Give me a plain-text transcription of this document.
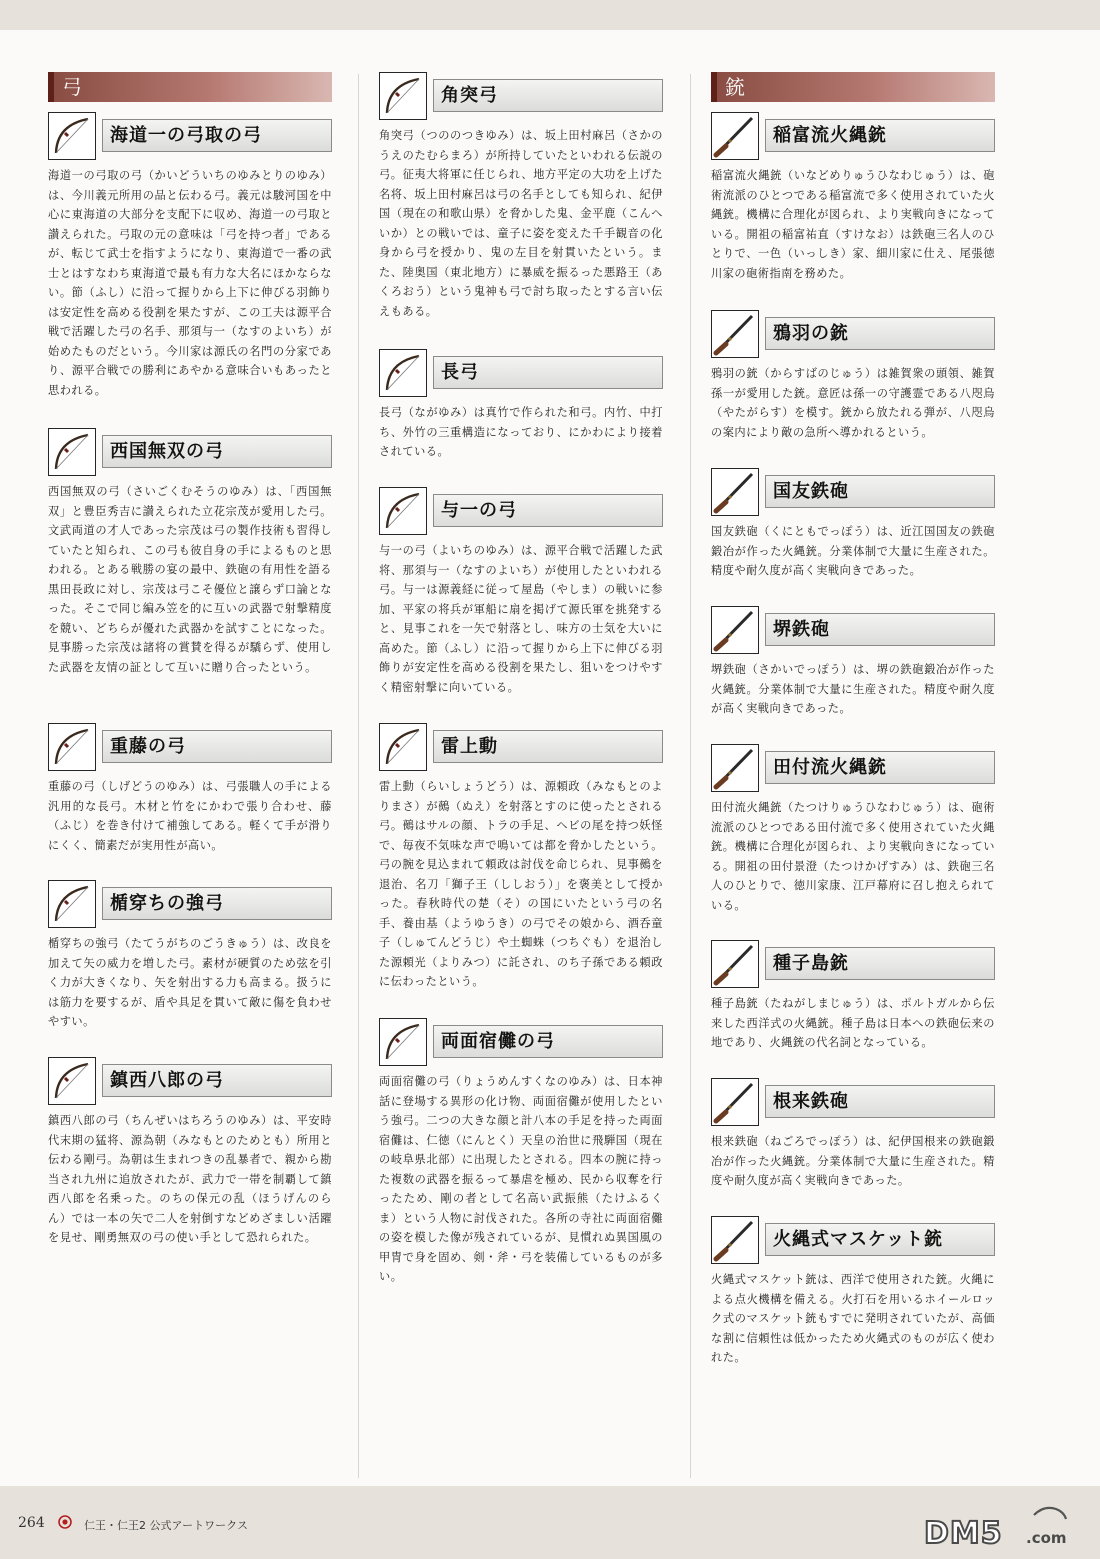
弓
海道一の弓取の弓

海道一の弓取の弓（かいどういちのゆみとりのゆみ）は、今川義元所用の品と伝わる弓。義元は駿河国を中心に東海道の大部分を支配下に収め、海道一の弓取と讃えられた。弓取の元の意味は「弓を持つ者」であるが、転じて武士を指すようになり、東海道で一番の武士とはすなわち東海道で最も有力な大名にほかならない。節（ふし）に沿って握りから上下に伸びる羽飾りは安定性を高める役割を果たすが、この工夫は源平合戦で活躍した弓の名手、那須与一（なすのよいち）が始めたものだという。今川家は源氏の名門の分家であり、源平合戦での勝利にあやかる意味合いもあったと思われる。

西国無双の弓

西国無双の弓（さいごくむそうのゆみ）は、「西国無双」と豊臣秀吉に讃えられた立花宗茂が愛用した弓。文武両道の才人であった宗茂は弓の製作技術も習得していたと知られ、この弓も彼自身の手によるものと思われる。とある戦勝の宴の最中、鉄砲の有用性を語る黒田長政に対し、宗茂は弓こそ優位と譲らず口論となった。そこで同じ編み笠を的に互いの武器で射撃精度を競い、どちらが優れた武器かを試すことになった。見事勝った宗茂は諸将の賞賛を得るが驕らず、使用した武器を友情の証として互いに贈り合ったという。

重藤の弓

重藤の弓（しげどうのゆみ）は、弓張職人の手による汎用的な長弓。木材と竹をにかわで張り合わせ、藤（ふじ）を巻き付けて補強してある。軽くて手が滑りにくく、簡素だが実用性が高い。

楯穿ちの強弓

楯穿ちの強弓（たてうがちのごうきゅう）は、改良を加えて矢の威力を増した弓。素材が硬質のため弦を引く力が大きくなり、矢を射出する力も高まる。扱うには筋力を要するが、盾や具足を貫いて敵に傷を負わせやすい。

鎮西八郎の弓

鎮西八郎の弓（ちんぜいはちろうのゆみ）は、平安時代末期の猛将、源為朝（みなもとのためとも）所用と伝わる剛弓。為朝は生まれつきの乱暴者で、親から勘当され九州に追放されたが、武力で一帯を制覇して鎮西八郎を名乗った。のちの保元の乱（ほうげんのらん）では一本の矢で二人を射倒すなどめざましい活躍を見せ、剛勇無双の弓の使い手として恐れられた。

角突弓

角突弓（つののつきゆみ）は、坂上田村麻呂（さかのうえのたむらまろ）が所持していたといわれる伝説の弓。征夷大将軍に任じられ、地方平定の大功を上げた名将、坂上田村麻呂は弓の名手としても知られ、紀伊国（現在の和歌山県）を脅かした鬼、金平鹿（こんへいか）との戦いでは、童子に姿を変えた千手観音の化身から弓を授かり、鬼の左目を射貫いたという。また、陸奥国（東北地方）に暴威を振るった悪路王（あくろおう）という鬼神も弓で討ち取ったとする言い伝えもある。

長弓

長弓（ながゆみ）は真竹で作られた和弓。内竹、中打ち、外竹の三重構造になっており、にかわにより接着されている。

与一の弓

与一の弓（よいちのゆみ）は、源平合戦で活躍した武将、那須与一（なすのよいち）が使用したといわれる弓。与一は源義経に従って屋島（やしま）の戦いに参加、平家の将兵が軍船に扇を掲げて源氏軍を挑発すると、見事これを一矢で射落とし、味方の士気を大いに高めた。節（ふし）に沿って握りから上下に伸びる羽飾りが安定性を高める役割を果たし、狙いをつけやすく精密射撃に向いている。

雷上動

雷上動（らいしょうどう）は、源頼政（みなもとのよりまさ）が鵺（ぬえ）を射落とすのに使ったとされる弓。鵺はサルの顔、トラの手足、ヘビの尾を持つ妖怪で、毎夜不気味な声で鳴いては都を脅かしたという。弓の腕を見込まれて頼政は討伐を命じられ、見事鵺を退治、名刀「獅子王（ししおう）」を褒美として授かった。春秋時代の楚（そ）の国にいたという弓の名手、養由基（ようゆうき）の弓でその娘から、酒呑童子（しゅてんどうじ）や土蜘蛛（つちぐも）を退治した源頼光（よりみつ）に託され、のち子孫である頼政に伝わったという。

両面宿儺の弓

両面宿儺の弓（りょうめんすくなのゆみ）は、日本神話に登場する異形の化け物、両面宿儺が使用したという強弓。二つの大きな顔と計八本の手足を持った両面宿儺は、仁徳（にんとく）天皇の治世に飛騨国（現在の岐阜県北部）に出現したとされる。四本の腕に持った複数の武器を振るって暴虐を極め、民から収奪を行ったため、剛の者として名高い武振熊（たけふるくま）という人物に討伐された。各所の寺社に両面宿儺の姿を模した像が残されているが、見慣れぬ異国風の甲冑で身を固め、剣・斧・弓を装備しているものが多い。

銃
稲富流火縄銃

稲富流火縄銃（いなどめりゅうひなわじゅう）は、砲術流派のひとつである稲富流で多く使用されていた火縄銃。機構に合理化が図られ、より実戦向きになっている。開祖の稲富祐直（すけなお）は鉄砲三名人のひとりで、一色（いっしき）家、細川家に仕え、尾張徳川家の砲術指南を務めた。

鴉羽の銃

鴉羽の銃（からすばのじゅう）は雑賀衆の頭領、雑賀孫一が愛用した銃。意匠は孫一の守護霊である八咫烏（やたがらす）を模す。銃から放たれる弾が、八咫烏の案内により敵の急所へ導かれるという。

国友鉄砲

国友鉄砲（くにともでっぽう）は、近江国国友の鉄砲鍛冶が作った火縄銃。分業体制で大量に生産された。精度や耐久度が高く実戦向きであった。

堺鉄砲

堺鉄砲（さかいでっぽう）は、堺の鉄砲鍛冶が作った火縄銃。分業体制で大量に生産された。精度や耐久度が高く実戦向きであった。

田付流火縄銃

田付流火縄銃（たつけりゅうひなわじゅう）は、砲術流派のひとつである田付流で多く使用されていた火縄銃。機構に合理化が図られ、より実戦向きになっている。開祖の田付景澄（たつけかげすみ）は、鉄砲三名人のひとりで、徳川家康、江戸幕府に召し抱えられている。

種子島銃

種子島銃（たねがしまじゅう）は、ポルトガルから伝来した西洋式の火縄銃。種子島は日本への鉄砲伝来の地であり、火縄銃の代名詞となっている。

根来鉄砲

根来鉄砲（ねごろでっぽう）は、紀伊国根来の鉄砲鍛冶が作った火縄銃。分業体制で大量に生産された。精度や耐久度が高く実戦向きであった。

火縄式マスケット銃

火縄式マスケット銃は、西洋で使用された銃。火縄による点火機構を備える。火打石を用いるホイールロック式のマスケット銃もすでに発明されていたが、高価な割に信頼性は低かったため火縄式のものが広く使われた。

264	仁王・仁王2 公式アートワークス	DM5 .com
